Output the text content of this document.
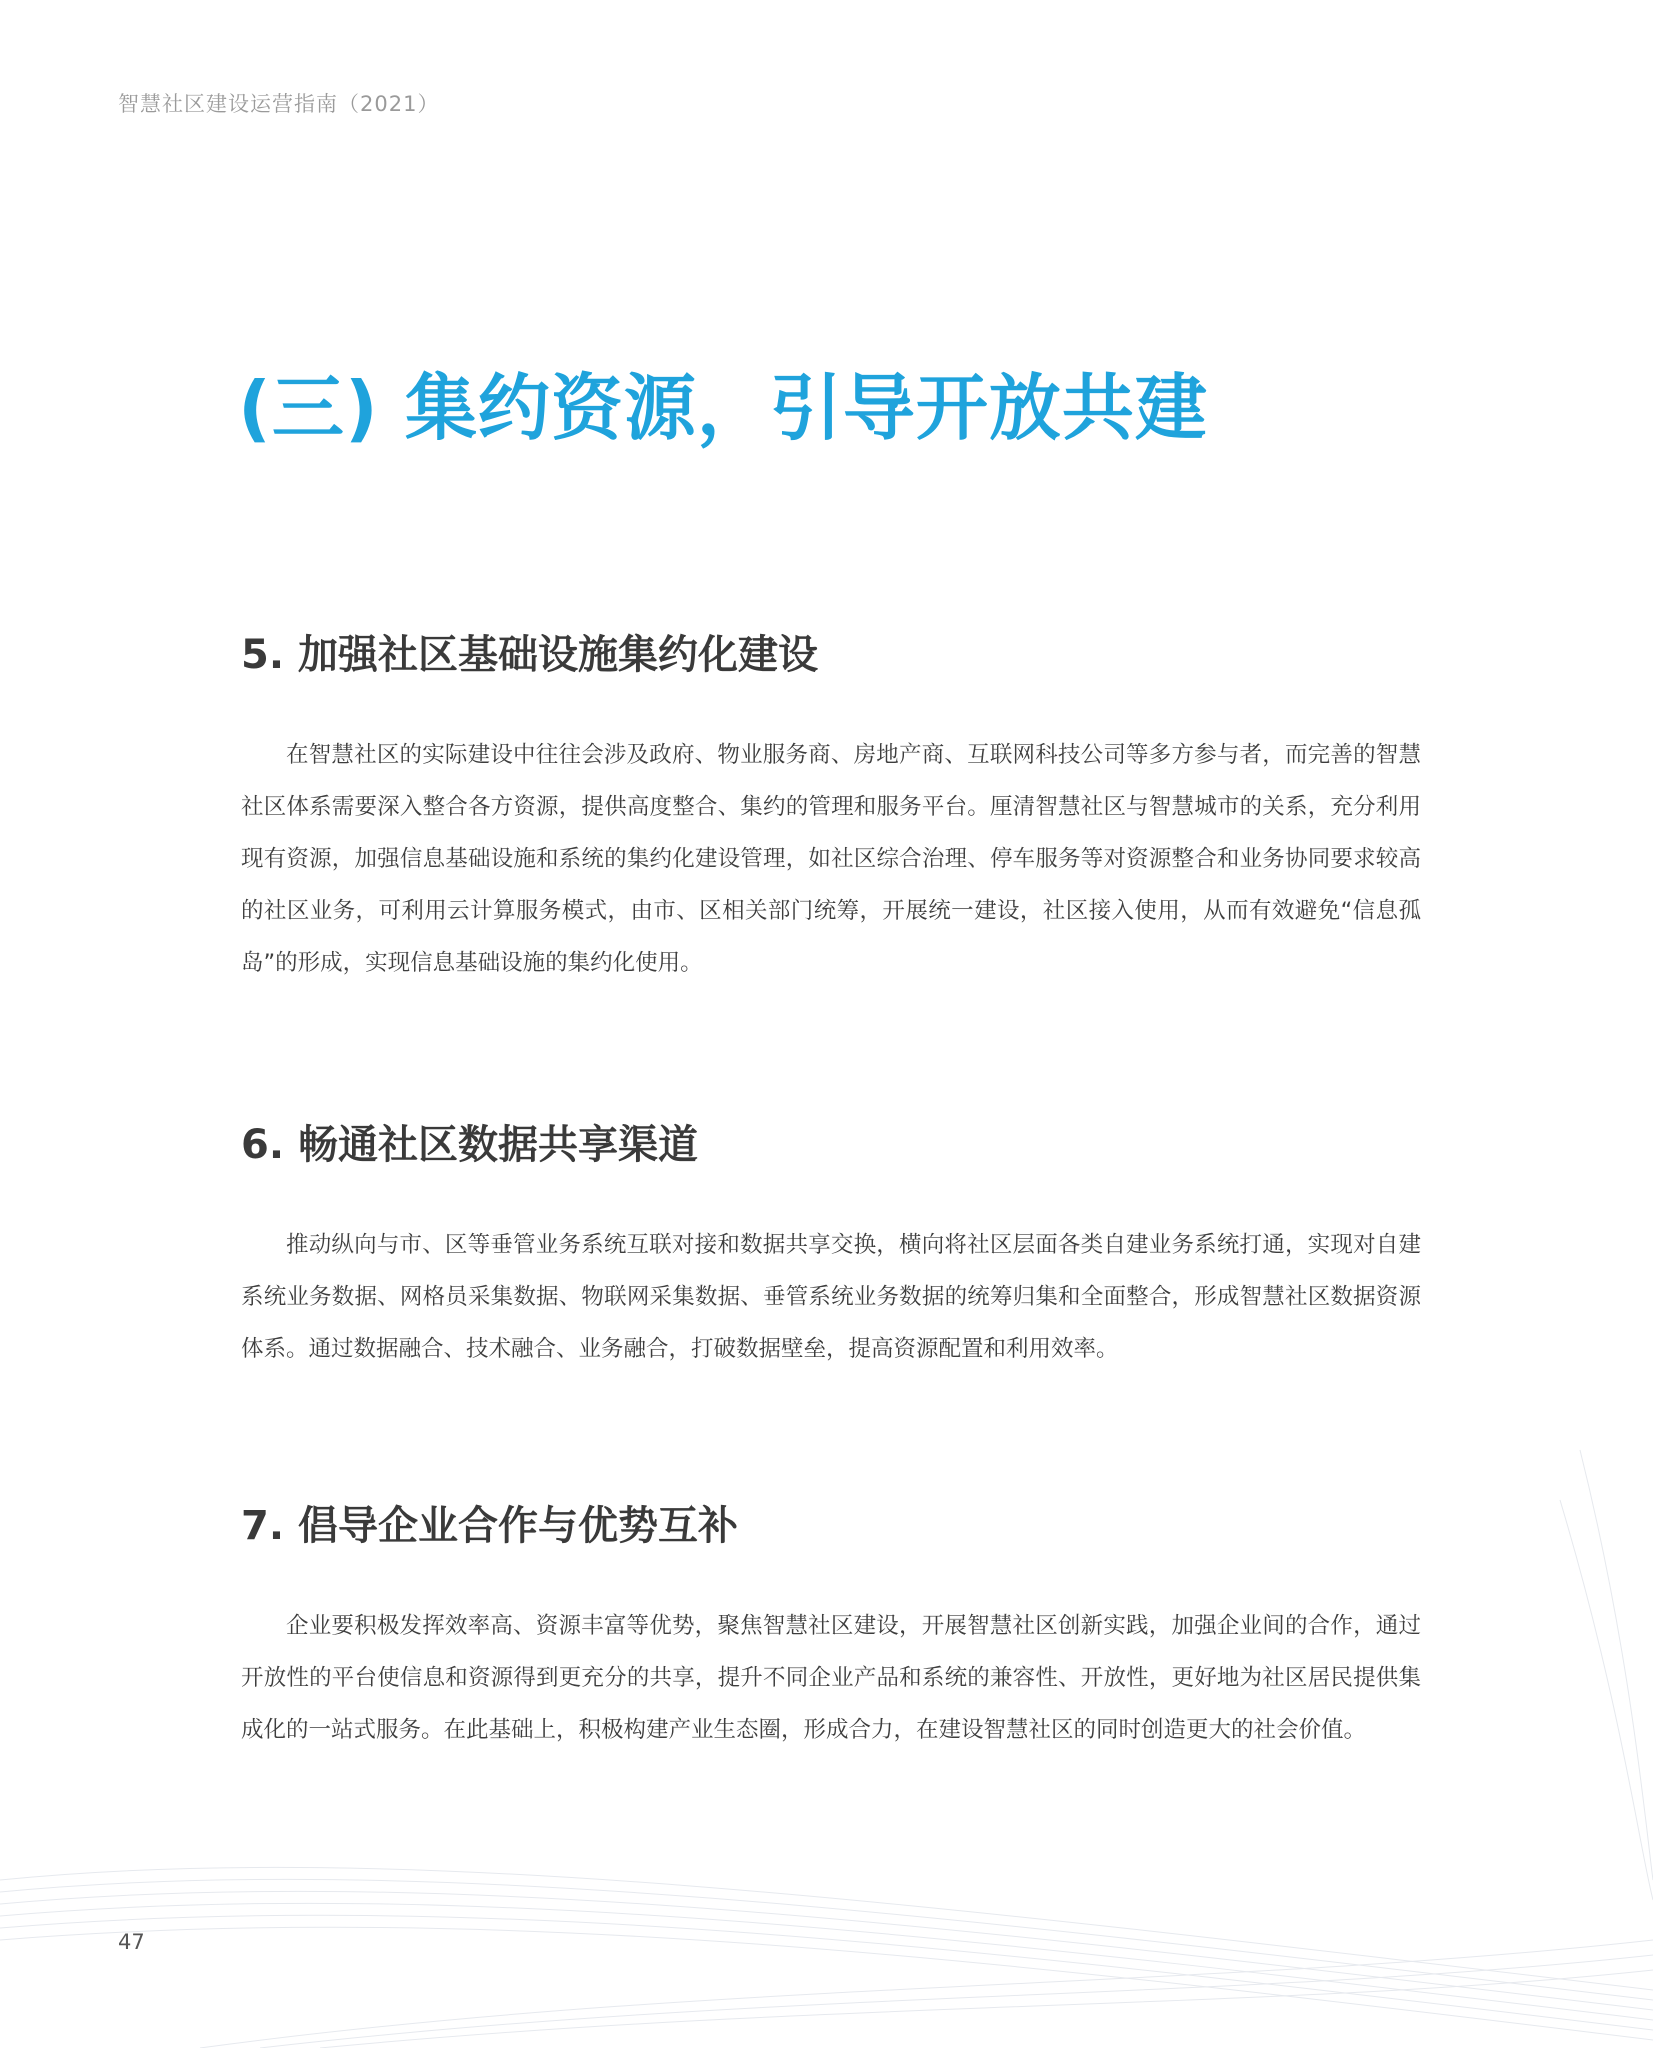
智慧社区建设运营指南（2021）
(三) 集约资源，引导开放共建
5. 加强社区基础设施集约化建设

在智慧社区的实际建设中往往会涉及政府、物业服务商、房地产商、互联网科技公司等多方参与者，而完善的智慧社区体系需要深入整合各方资源，提供高度整合、集约的管理和服务平台。厘清智慧社区与智慧城市的关系，充分利用现有资源，加强信息基础设施和系统的集约化建设管理，如社区综合治理、停车服务等对资源整合和业务协同要求较高的社区业务，可利用云计算服务模式，由市、区相关部门统筹，开展统一建设，社区接入使用，从而有效避免“信息孤岛”的形成，实现信息基础设施的集约化使用。

6. 畅通社区数据共享渠道

推动纵向与市、区等垂管业务系统互联对接和数据共享交换，横向将社区层面各类自建业务系统打通，实现对自建系统业务数据、网格员采集数据、物联网采集数据、垂管系统业务数据的统筹归集和全面整合，形成智慧社区数据资源体系。通过数据融合、技术融合、业务融合，打破数据壁垒，提高资源配置和利用效率。

7. 倡导企业合作与优势互补

企业要积极发挥效率高、资源丰富等优势，聚焦智慧社区建设，开展智慧社区创新实践，加强企业间的合作，通过开放性的平台使信息和资源得到更充分的共享，提升不同企业产品和系统的兼容性、开放性，更好地为社区居民提供集成化的一站式服务。在此基础上，积极构建产业生态圈，形成合力，在建设智慧社区的同时创造更大的社会价值。

47
